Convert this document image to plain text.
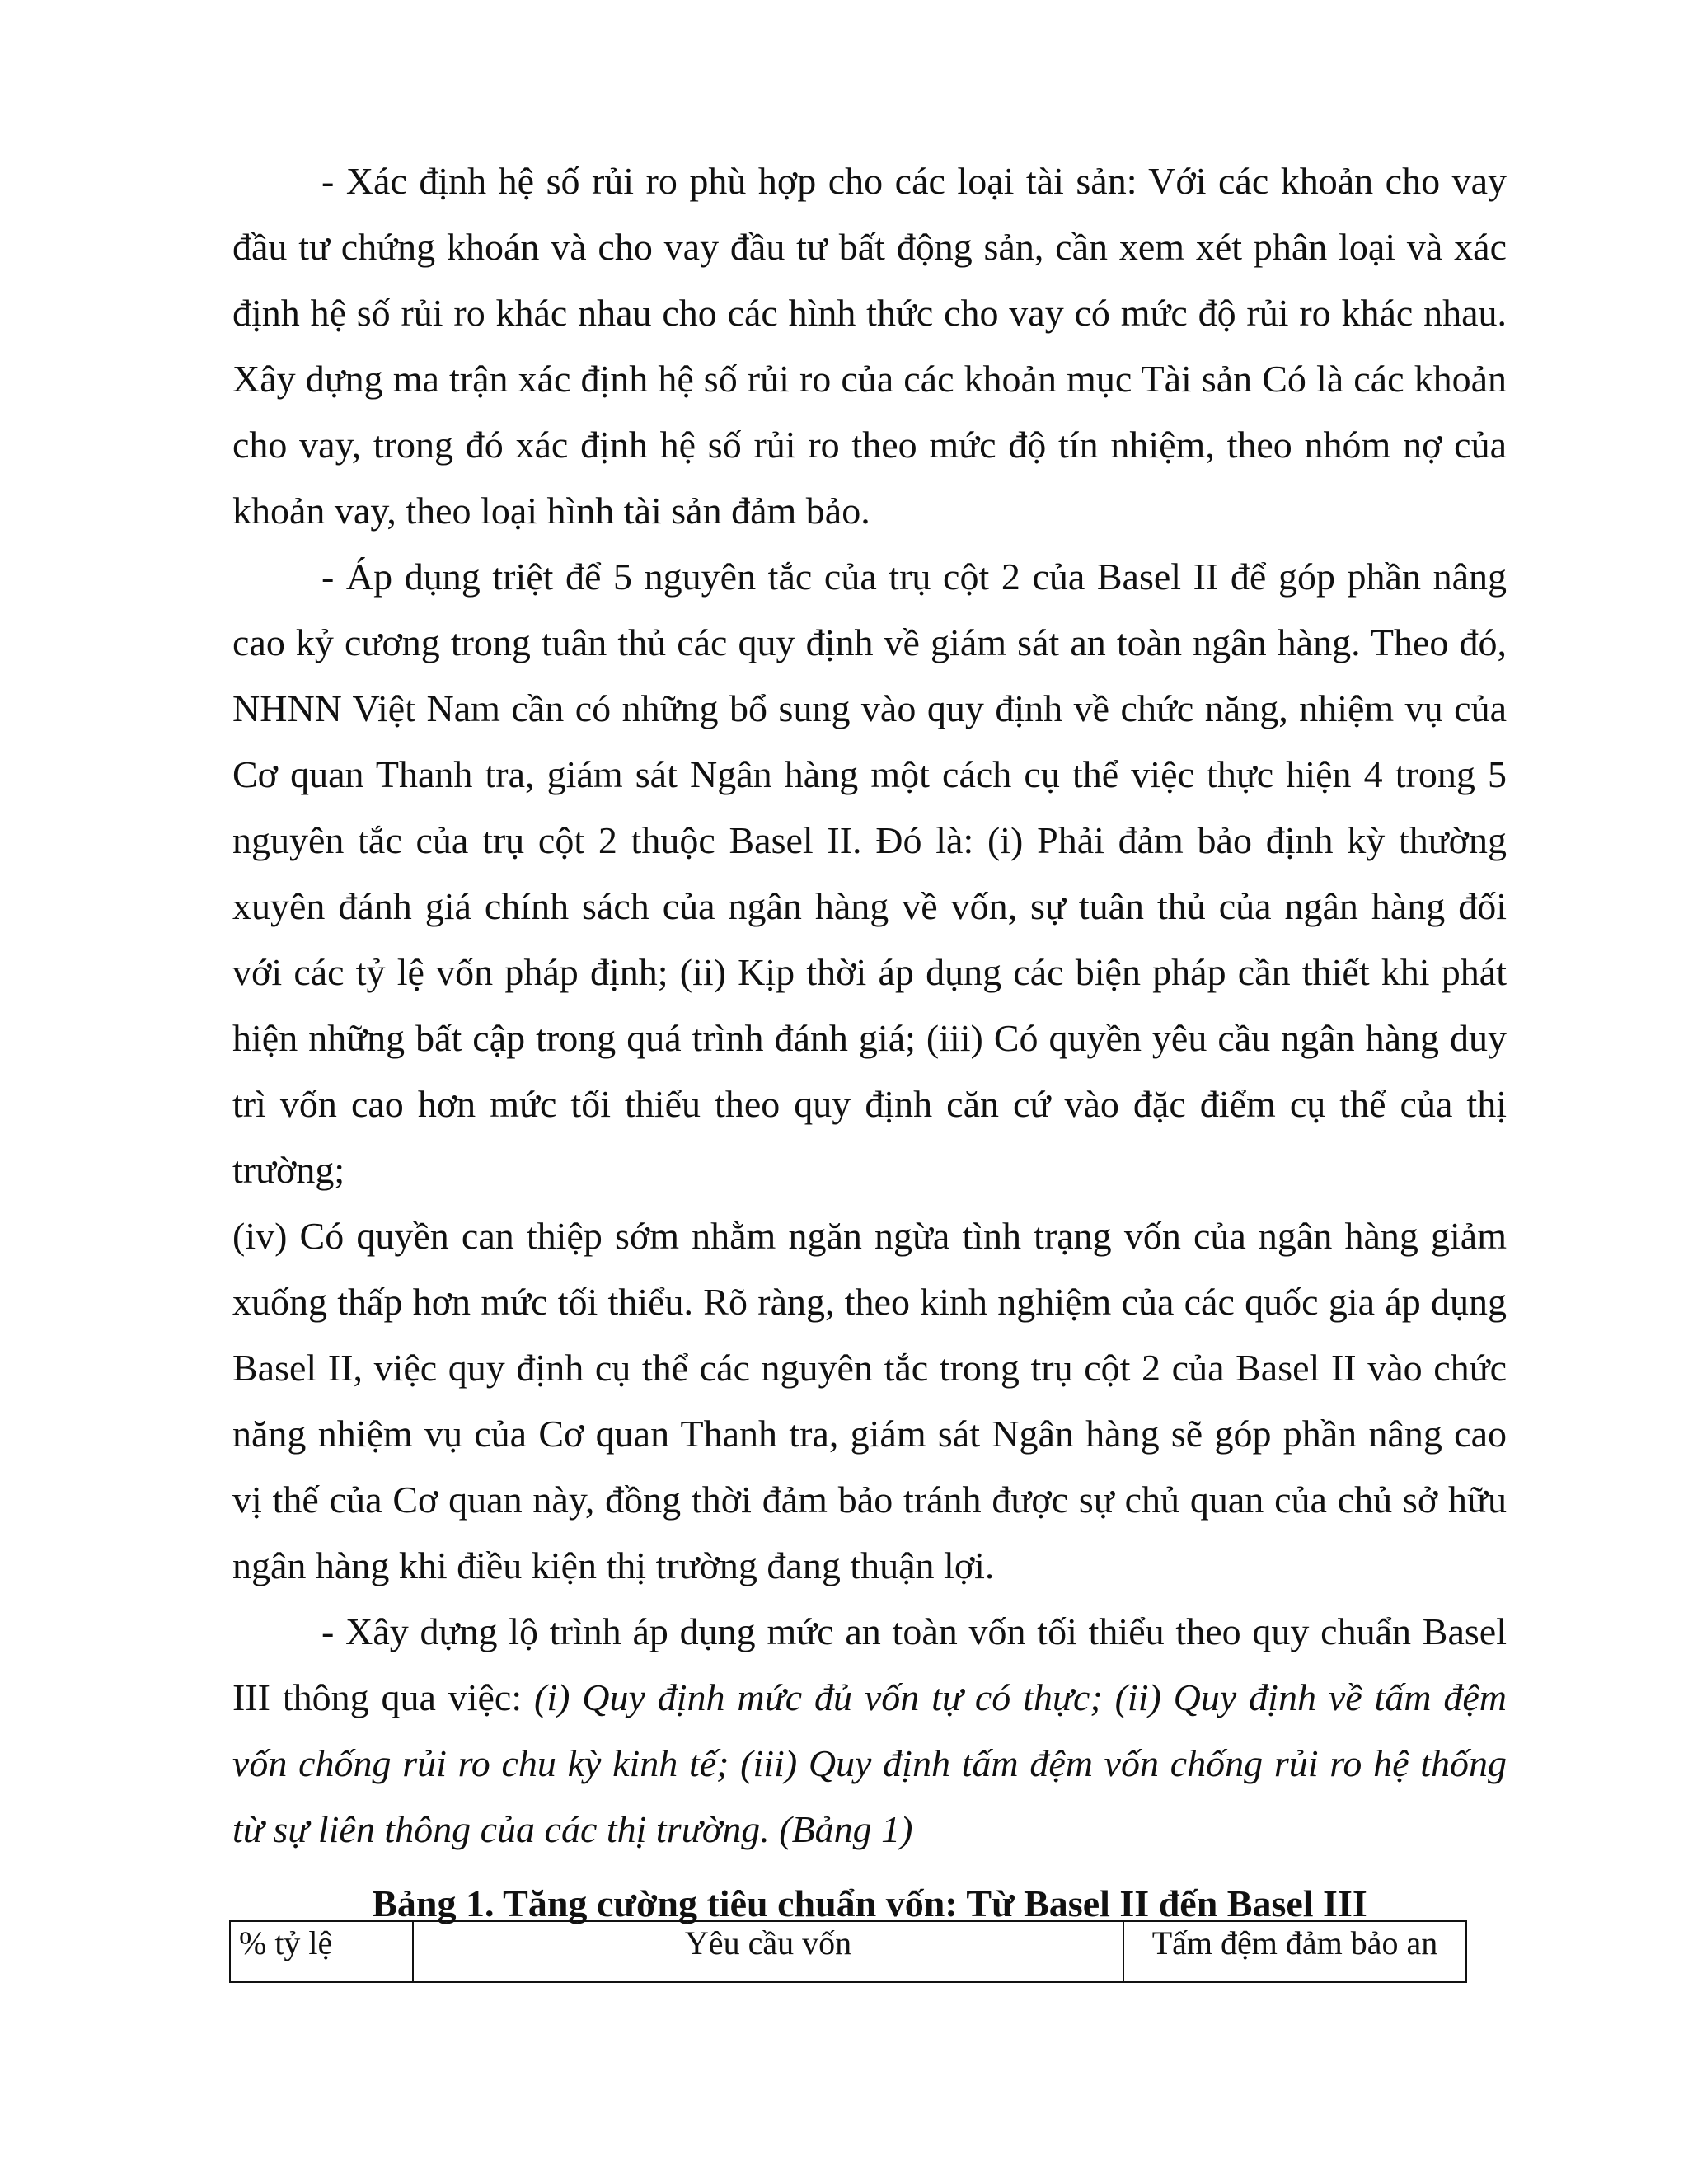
- Xác định hệ số rủi ro phù hợp cho các loại tài sản: Với các khoản cho vay đầu tư chứng khoán và cho vay đầu tư bất động sản, cần xem xét phân loại và xác định hệ số rủi ro khác nhau cho các hình thức cho vay có mức độ rủi ro khác nhau. Xây dựng ma trận xác định hệ số rủi ro của các khoản mục Tài sản Có là các khoản cho vay, trong đó xác định hệ số rủi ro theo mức độ tín nhiệm, theo nhóm nợ của khoản vay, theo loại hình tài sản đảm bảo.

- Áp dụng triệt để 5 nguyên tắc của trụ cột 2 của Basel II để góp phần nâng cao kỷ cương trong tuân thủ các quy định về giám sát an toàn ngân hàng. Theo đó, NHNN Việt Nam cần có những bổ sung vào quy định về chức năng, nhiệm vụ của Cơ quan Thanh tra, giám sát Ngân hàng một cách cụ thể việc thực hiện 4 trong 5 nguyên tắc của trụ cột 2 thuộc Basel II. Đó là: (i) Phải đảm bảo định kỳ thường xuyên đánh giá chính sách của ngân hàng về vốn, sự tuân thủ của ngân hàng đối với các tỷ lệ vốn pháp định; (ii) Kịp thời áp dụng các biện pháp cần thiết khi phát hiện những bất cập trong quá trình đánh giá; (iii) Có quyền yêu cầu ngân hàng duy trì vốn cao hơn mức tối thiểu theo quy định căn cứ vào đặc điểm cụ thể của thị trường;

(iv) Có quyền can thiệp sớm nhằm ngăn ngừa tình trạng vốn của ngân hàng giảm xuống thấp hơn mức tối thiểu. Rõ ràng, theo kinh nghiệm của các quốc gia áp dụng Basel II, việc quy định cụ thể các nguyên tắc trong trụ cột 2 của Basel II vào chức năng nhiệm vụ của Cơ quan Thanh tra, giám sát Ngân hàng sẽ góp phần nâng cao vị thế của Cơ quan này, đồng thời đảm bảo tránh được sự chủ quan của chủ sở hữu ngân hàng khi điều kiện thị trường đang thuận lợi.

- Xây dựng lộ trình áp dụng mức an toàn vốn tối thiểu theo quy chuẩn Basel III thông qua việc: (i) Quy định mức đủ vốn tự có thực; (ii) Quy định về tấm đệm vốn chống rủi ro chu kỳ kinh tế; (iii) Quy định tấm đệm vốn chống rủi ro hệ thống từ sự liên thông của các thị trường. (Bảng 1)

Bảng 1. Tăng cường tiêu chuẩn vốn: Từ Basel II đến Basel III

% tỷ lệ	Yêu cầu vốn	Tấm đệm đảm bảo an
